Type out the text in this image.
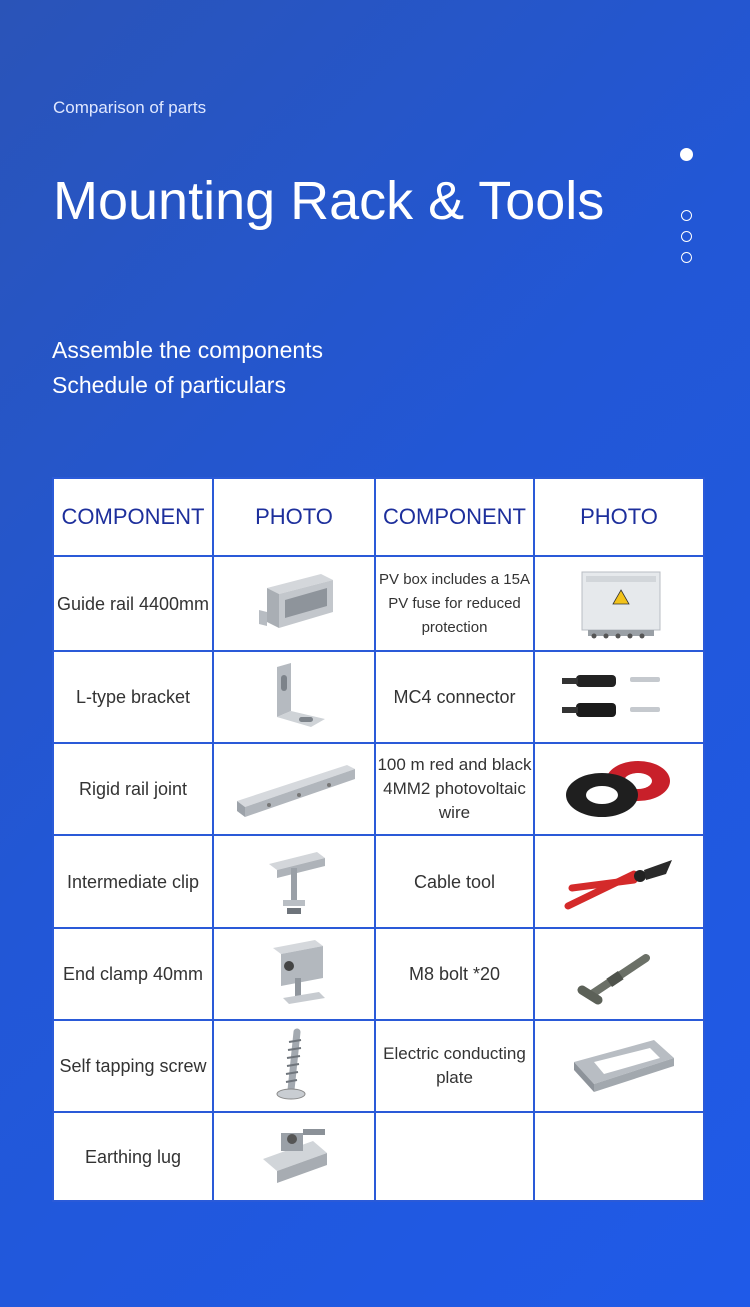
Comparison of parts
Mounting Rack & Tools
Assemble the components
Schedule of particulars
COMPONENT	PHOTO	COMPONENT	PHOTO
Guide rail 4400mm		PV box includes a 15A PV fuse for reduced protection	

L-type bracket		MC4 connector	

Rigid rail joint		100 m red and black 4MM2 photovoltaic wire	

Intermediate clip		Cable tool	

End clamp 40mm		M8 bolt *20	

Self tapping screw		Electric conducting plate	

Earthing lug	
